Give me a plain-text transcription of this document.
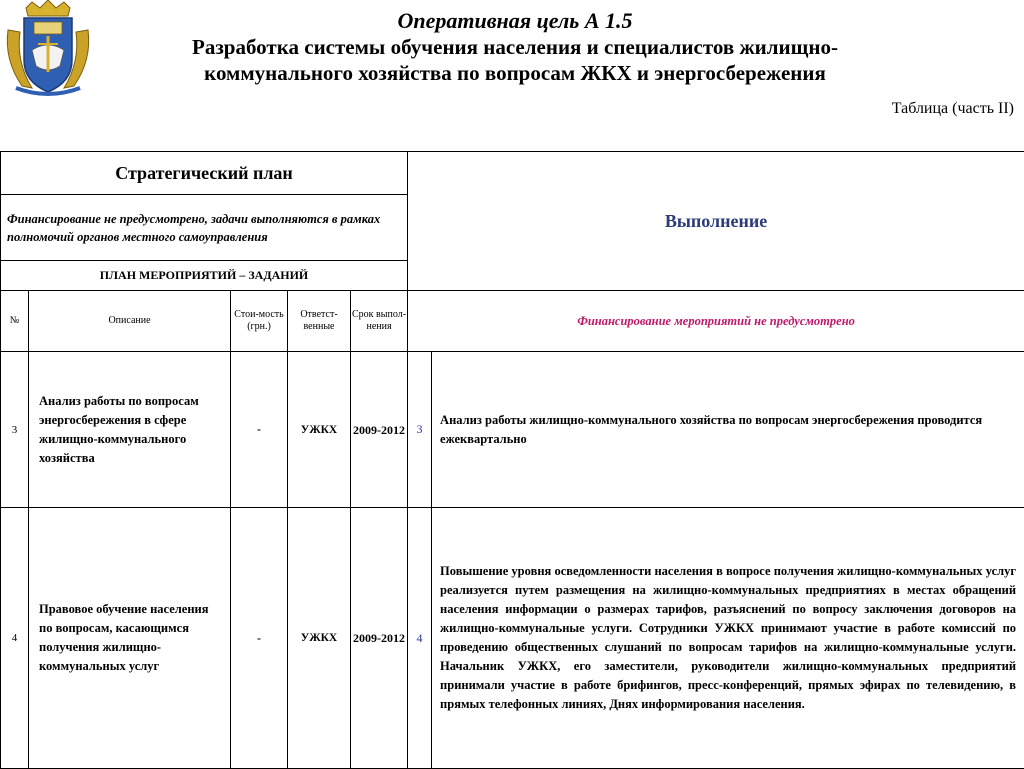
Оперативная цель А 1.5
Разработка системы обучения населения и специалистов жилищно-
коммунального хозяйства по вопросам ЖКХ и энергосбережения
Таблица (часть II)
Стратегический план					Выполнение	
Финансирование не предусмотрено, задачи выполняются в рамках полномочий органов местного самоуправления						
ПЛАН МЕРОПРИЯТИЙ – ЗАДАНИЙ						
№	Описание	Стои-мость (грн.)	Ответст-венные	Срок выпол-нения	Финансирование мероприятий не предусмотрено	
3	Анализ работы по вопросам энергосбережения в сфере жилищно-коммунального хозяйства	-	УЖКХ	2009-2012	3	Анализ работы жилищно-коммунального хозяйства по вопросам энергосбережения проводится ежеквартально
4	Правовое обучение населения по вопросам, касающимся получения жилищно-коммунальных услуг	-	УЖКХ	2009-2012	4	Повышение уровня осведомленности населения в вопросе получения жилищно-коммунальных услуг реализуется путем размещения на жилищно-коммунальных предприятиях в местах обращений населения информации о размерах тарифов, разъяснений по вопросу заключения договоров на жилищно-коммунальные услуги. Сотрудники УЖКХ принимают участие в работе комиссий по проведению общественных слушаний по вопросам тарифов на жилищно-коммунальные услуги. Начальник УЖКХ, его заместители, руководители жилищно-коммунальных предприятий принимали участие в работе брифингов, пресс-конференций, прямых эфирах по телевидению, в прямых телефонных линиях, Днях информирования населения.
